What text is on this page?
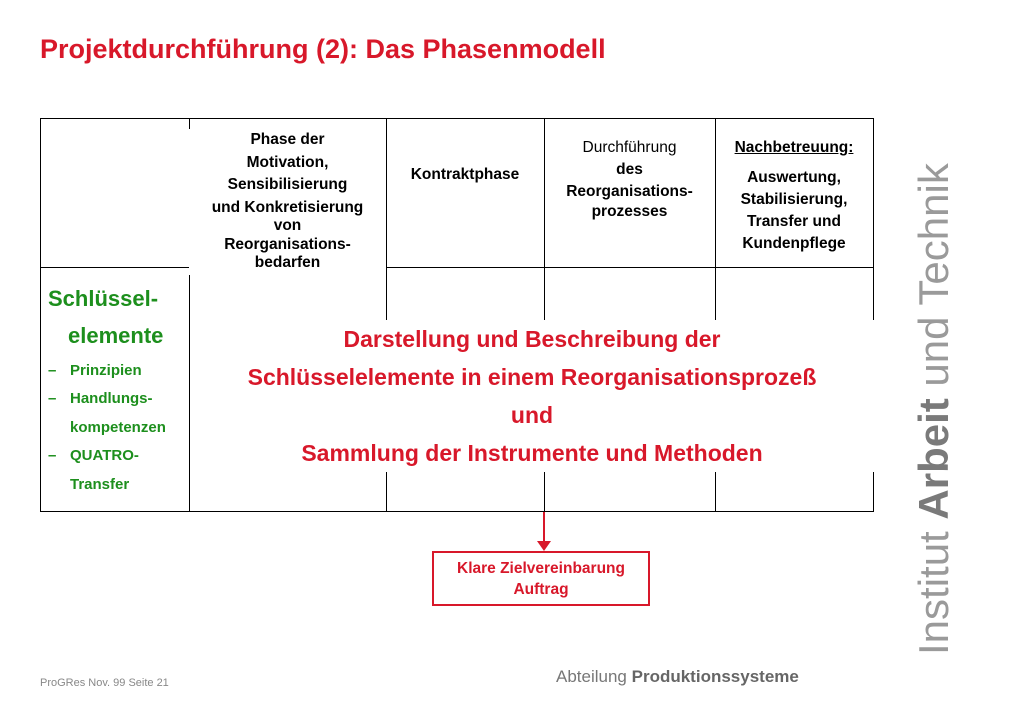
Projektdurchführung (2): Das Phasenmodell
Phase der
Motivation,
Sensibilisierung
und Konkretisierung
von
Reorganisations-
bedarfen
Kontraktphase
Durchführung
des
Reorganisations-
prozesses
Nachbetreuung:
Auswertung,
Stabilisierung,
Transfer und
Kundenpflege
Schlüssel-
elemente
– Prinzipien
– Handlungs-
kompetenzen
– QUATRO-
Transfer
Darstellung und Beschreibung der
Schlüsselelemente in einem Reorganisationsprozeß
und
Sammlung der Instrumente und Methoden
Klare Zielvereinbarung
Auftrag
ProGRes Nov. 99 Seite 21	Abteilung Produktionssysteme
Institut Arbeit und Technik
